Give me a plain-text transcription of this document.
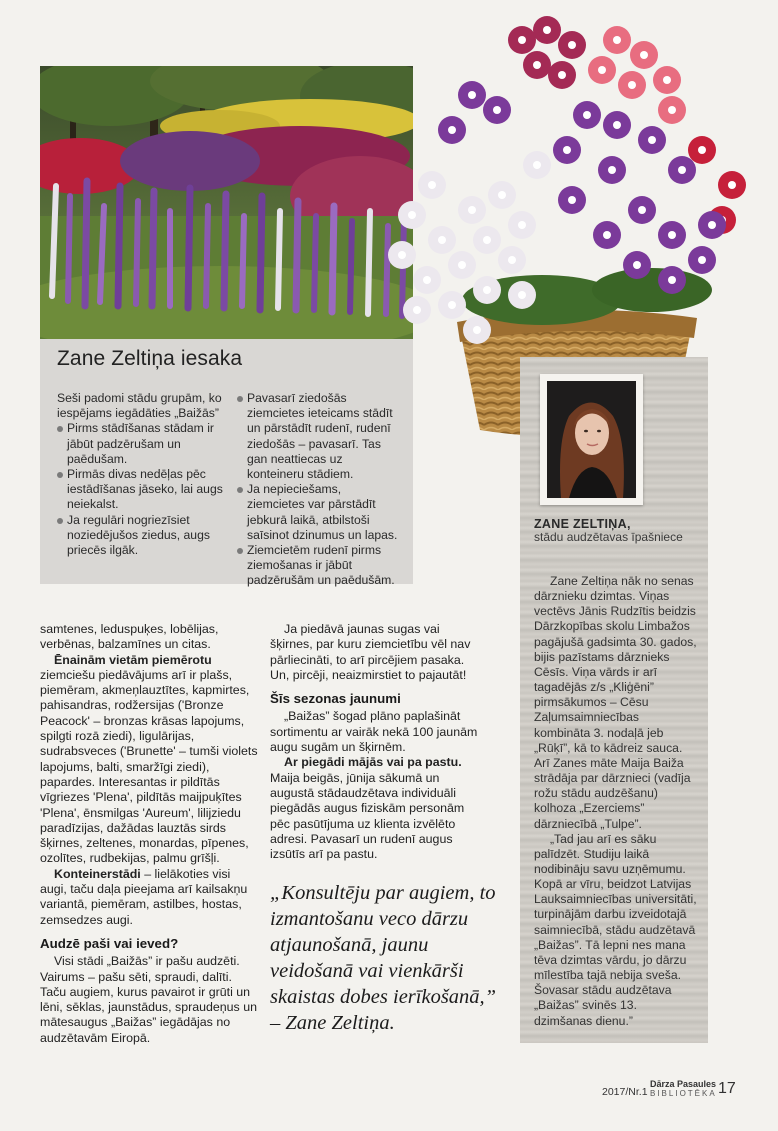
Zane Zeltiņa iesaka

Seši padomi stādu grupām, ko iespējams iegādāties „Baižās”

Pirms stādīšanas stādam ir jābūt padzērušam un paēdušam.
Pirmās divas nedēļas pēc iestādīšanas jāseko, lai augs neiekalst.
Ja regulāri nogriezīsiet noziedējušos ziedus, augs priecēs ilgāk.
Pavasarī ziedošās ziemcietes ieteicams stādīt un pārstādīt rudenī, rudenī ziedošās – pavasarī. Tas gan neattiecas uz konteineru stādiem.
Ja nepieciešams, ziemcietes var pārstādīt jebkurā laikā, atbilstoši saīsinot dzinumus un lapas.
Ziemcietēm rudenī pirms ziemošanas ir jābūt padzērušām un paēdušām.
ZANE ZELTIŅA,
stādu audzētavas īpašniece

Zane Zeltiņa nāk no senas dārznieku dzimtas. Viņas vectēvs Jānis Rudzītis beidzis Dārzkopības skolu Limbažos pagājušā gadsimta 30. gados, bijis pazīstams dārznieks Cēsīs. Viņa vārds ir arī tagadējās z/s „Kliģēni” pirmsākumos – Cēsu Zaļumsaimniecības kombināta 3. nodaļā jeb „Rūķī”, kā to kādreiz sauca. Arī Zanes māte Maija Baiža strādāja par dārznieci (vadīja rožu stādu audzēšanu) kolhoza „Ezerciems” dārzniecībā „Tulpe”.

„Tad jau arī es sāku palīdzēt. Studiju laikā nodibināju savu uzņēmumu. Kopā ar vīru, beidzot Latvijas Lauksaimniecības universitāti, turpinājām darbu izveidotajā saimniecībā, stādu audzētavā „Baižas”. Tā lepni nes mana tēva dzimtas vārdu, jo dārzu mīlestība tajā nebija sveša. Šovasar stādu audzētava „Baižas” svinēs 13. dzimšanas dienu.”

samtenes, leduspuķes, lobēlijas, verbēnas, balzamīnes un citas.

Ēnainām vietām piemērotu ziemciešu piedāvājums arī ir plašs, piemēram, akmeņlauztītes, kapmirtes, pahisandras, rodžersijas ('Bronze Peacock' – bronzas krāsas lapojums, spilgti rozā ziedi), ligulārijas, sudrabsveces ('Brunette' – tumši violets lapojums, balti, smaržīgi ziedi), papardes. Interesantas ir pildītās vīgriezes 'Plena', pildītās maijpuķītes 'Plena', ēnsmilgas 'Aureum', lilijziedu paradīzijas, dažādas lauztās sirds šķirnes, zeltenes, monardas, pīpenes, ozolītes, rudbekijas, palmu grīšļi.

Konteinerstādi – lielākoties visi augi, taču daļa pieejama arī kailsakņu variantā, piemēram, astilbes, hostas, zemsedzes augi.

Audzē paši vai ieved?

Visi stādi „Baižās” ir pašu audzēti. Vairums – pašu sēti, spraudi, dalīti. Taču augiem, kurus pavairot ir grūti un lēni, sēklas, jaunstādus, spraudeņus un mātesaugus „Baižas” iegādājas no audzētavām Eiropā.

Ja piedāvā jaunas sugas vai šķirnes, par kuru ziemcietību vēl nav pārliecināti, to arī pircējiem pasaka. Un, pircēji, neaizmirstiet to pajautāt!

Šīs sezonas jaunumi

„Baižas” šogad plāno paplašināt sortimentu ar vairāk nekā 100 jaunām augu sugām un šķirnēm.

Ar piegādi mājās vai pa pastu. Maija beigās, jūnija sākumā un augustā stādaudzētava individuāli piegādās augus fiziskām personām pēc pasūtījuma uz klienta izvēlēto adresi. Pavasarī un rudenī augus izsūtīs arī pa pastu.

„Konsultēju par augiem, to izmantošanu veco dārzu atjaunošanā, jaunu veidošanā vai vienkārši skaistas dobes ierīkošanā,” – Zane Zeltiņa.
2017/Nr.1
Dārza Pasaules
BIBLIOTĒKA 17
